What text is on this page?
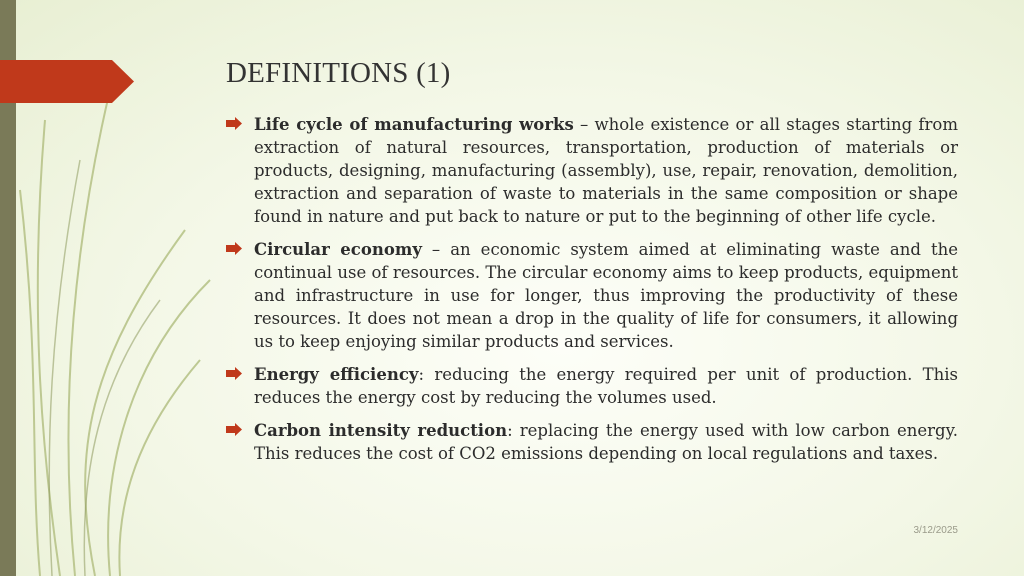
DEFINITIONS (1)
Life cycle of manufacturing works – whole existence or all stages starting from extraction of natural resources, transportation, production of materials or products, designing, manufacturing (assembly), use, repair, renovation, demolition, extraction and separation of waste to materials in the same composition or shape found in nature and put back to nature or put to the beginning of other life cycle.
Circular economy – an economic system aimed at eliminating waste and the continual use of resources. The circular economy aims to keep products, equipment and infrastructure in use for longer, thus improving the productivity of these resources. It does not mean a drop in the quality of life for consumers, it allowing us to keep enjoying similar products and services.
Energy efficiency: reducing the energy required per unit of production. This reduces the energy cost by reducing the volumes used.
Carbon intensity reduction: replacing the energy used with low carbon energy. This reduces the cost of CO2 emissions depending on local regulations and taxes.
3/12/2025
